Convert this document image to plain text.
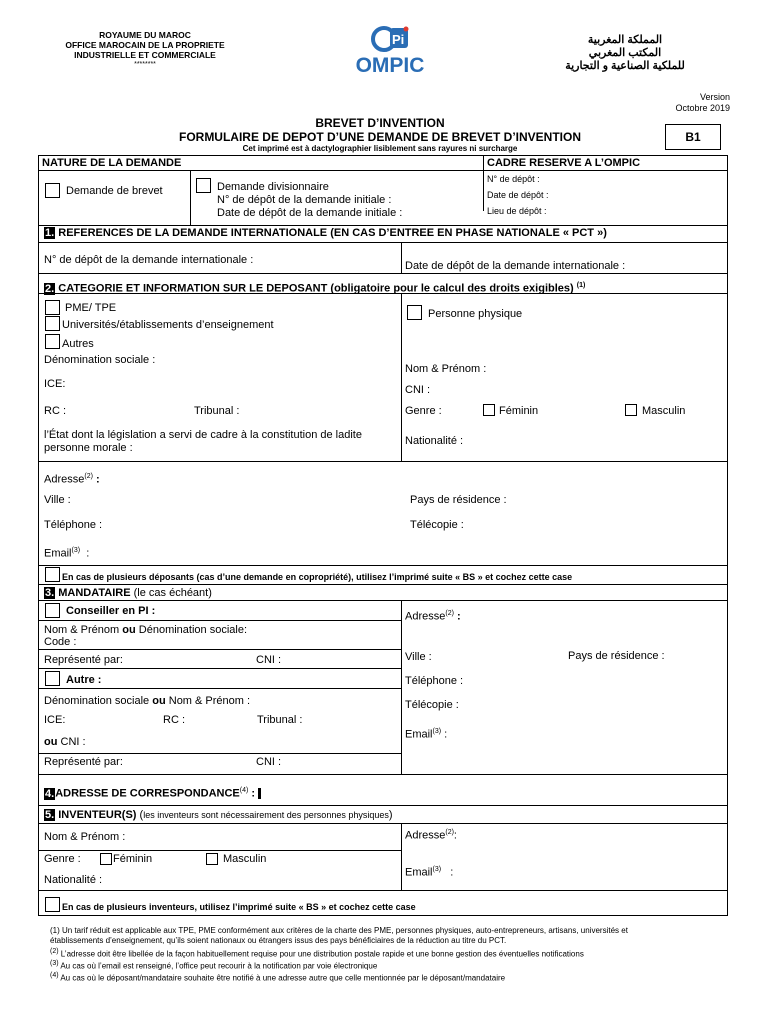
ROYAUME DU MAROC
OFFICE MAROCAIN DE LA PROPRIETE
INDUSTRIELLE ET COMMERCIALE
********
Pi
OMPIC
المملكة المغربية
المكتب المغربي
للملكية الصناعية و التجارية
Version
Octobre 2019
BREVET D’INVENTION
FORMULAIRE DE DEPOT D’UNE DEMANDE DE BREVET D’INVENTION
Cet imprimé est à dactylographier lisiblement sans rayures ni surcharge
B1
NATURE DE LA DEMANDE	CADRE RESERVE A L’OMPIC
Demande de brevet	Demande divisionnaire
N° de dépôt de la demande initiale :
Date de dépôt de la demande initiale :
N° de dépôt :
Date de dépôt :
Lieu de dépôt :
1. REFERENCES DE LA DEMANDE INTERNATIONALE (EN CAS D’ENTREE EN PHASE NATIONALE « PCT »)
N° de dépôt de la demande internationale :	Date de dépôt de la demande internationale :
2. CATEGORIE ET INFORMATION SUR LE DEPOSANT (obligatoire pour le calcul des droits exigibles) $^{(1)}$
PME/ TPE
Universités/établissements d’enseignement
Autres
Dénomination sociale :
ICE:
RC :	Tribunal :
l’État dont la législation a servi de cadre à la constitution de ladite
personne morale :
Personne physique
Nom & Prénom :
CNI :
Genre :	Féminin	Masculin
Nationalité :
Adresse$^{(2)}$ :
Ville :	Pays de résidence :
Téléphone :	Télécopie :
Email$^{(3)}$ :
En cas de plusieurs déposants (cas d’une demande en copropriété), utilisez l’imprimé suite « BS » et cochez cette case
3. MANDATAIRE (le cas échéant)
Conseiller en PI :
Nom & Prénom ou Dénomination sociale:
Code :
Représenté par:	CNI :
Autre :
Dénomination sociale ou Nom & Prénom :
ICE:	RC :	Tribunal :
ou CNI :
Représenté par:	CNI :
Adresse$^{(2)}$ :
Ville :	Pays de résidence :
Téléphone :
Télécopie :
Email$^{(3)}$ :
4.ADRESSE DE CORRESPONDANCE$^{(4)}$ :
5. INVENTEUR(S) (les inventeurs sont nécessairement des personnes physiques)
Nom & Prénom :
Genre :	Féminin	Masculin
Nationalité :
Adresse$^{(2)}$:
Email$^{(3)}$ :
En cas de plusieurs inventeurs, utilisez l’imprimé suite « BS » et cochez cette case
(1) Un tarif réduit est applicable aux TPE, PME conformément aux critères de la charte des PME, personnes physiques, auto-entrepreneurs, artisans, universités et
établissements d’enseignement, qu’ils soient nationaux ou étrangers issus des pays bénéficiaires de la réduction au titre du PCT.
$^{(2)}$ L’adresse doit être libellée de la façon habituellement requise pour une distribution postale rapide et une bonne gestion des éventuelles notifications
$^{(3)}$ Au cas où l’email est renseigné, l’office peut recourir à la notification par voie électronique
$^{(4)}$ Au cas où le déposant/mandataire souhaite être notifié à une adresse autre que celle mentionnée par le déposant/mandataire
